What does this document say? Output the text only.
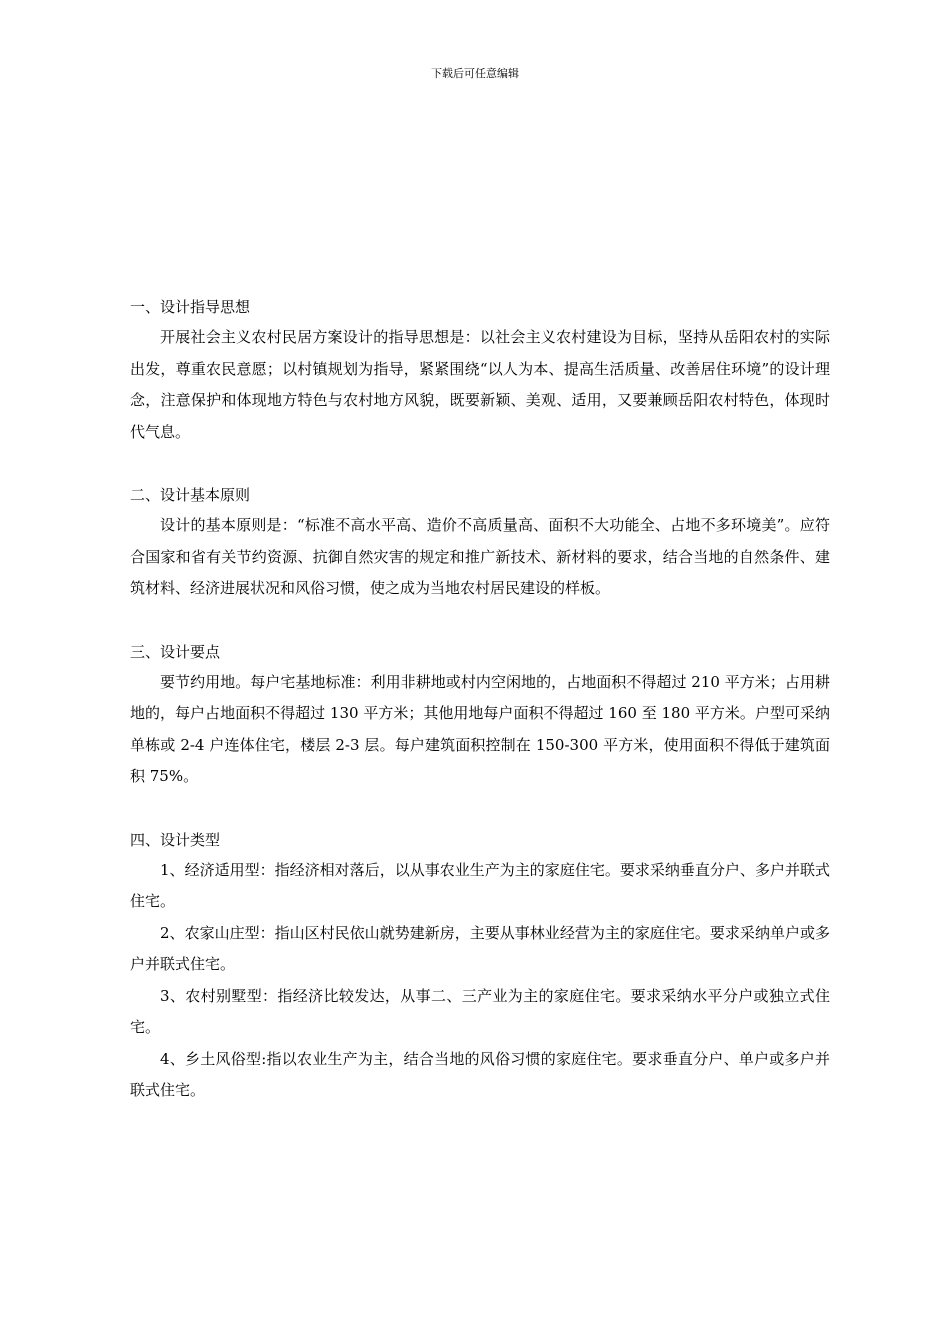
下载后可任意编辑
一、设计指导思想

开展社会主义农村民居方案设计的指导思想是：以社会主义农村建设为目标，坚持从岳阳农村的实际出发，尊重农民意愿；以村镇规划为指导，紧紧围绕“以人为本、提高生活质量、改善居住环境”的设计理念，注意保护和体现地方特色与农村地方风貌，既要新颖、美观、适用，又要兼顾岳阳农村特色，体现时代气息。

二、设计基本原则

设计的基本原则是：“标准不高水平高、造价不高质量高、面积不大功能全、占地不多环境美”。应符合国家和省有关节约资源、抗御自然灾害的规定和推广新技术、新材料的要求，结合当地的自然条件、建筑材料、经济进展状况和风俗习惯，使之成为当地农村居民建设的样板。

三、设计要点

要节约用地。每户宅基地标准：利用非耕地或村内空闲地的，占地面积不得超过 210 平方米；占用耕地的，每户占地面积不得超过 130 平方米；其他用地每户面积不得超过 160 至 180 平方米。户型可采纳单栋或 2-4 户连体住宅，楼层 2-3 层。每户建筑面积控制在 150-300 平方米，使用面积不得低于建筑面积 75%。

四、设计类型

1、经济适用型：指经济相对落后，以从事农业生产为主的家庭住宅。要求采纳垂直分户、多户并联式住宅。

2、农家山庄型：指山区村民依山就势建新房，主要从事林业经营为主的家庭住宅。要求采纳单户或多户并联式住宅。

3、农村别墅型：指经济比较发达，从事二、三产业为主的家庭住宅。要求采纳水平分户或独立式住宅。

4、乡土风俗型:指以农业生产为主，结合当地的风俗习惯的家庭住宅。要求垂直分户、单户或多户并联式住宅。
